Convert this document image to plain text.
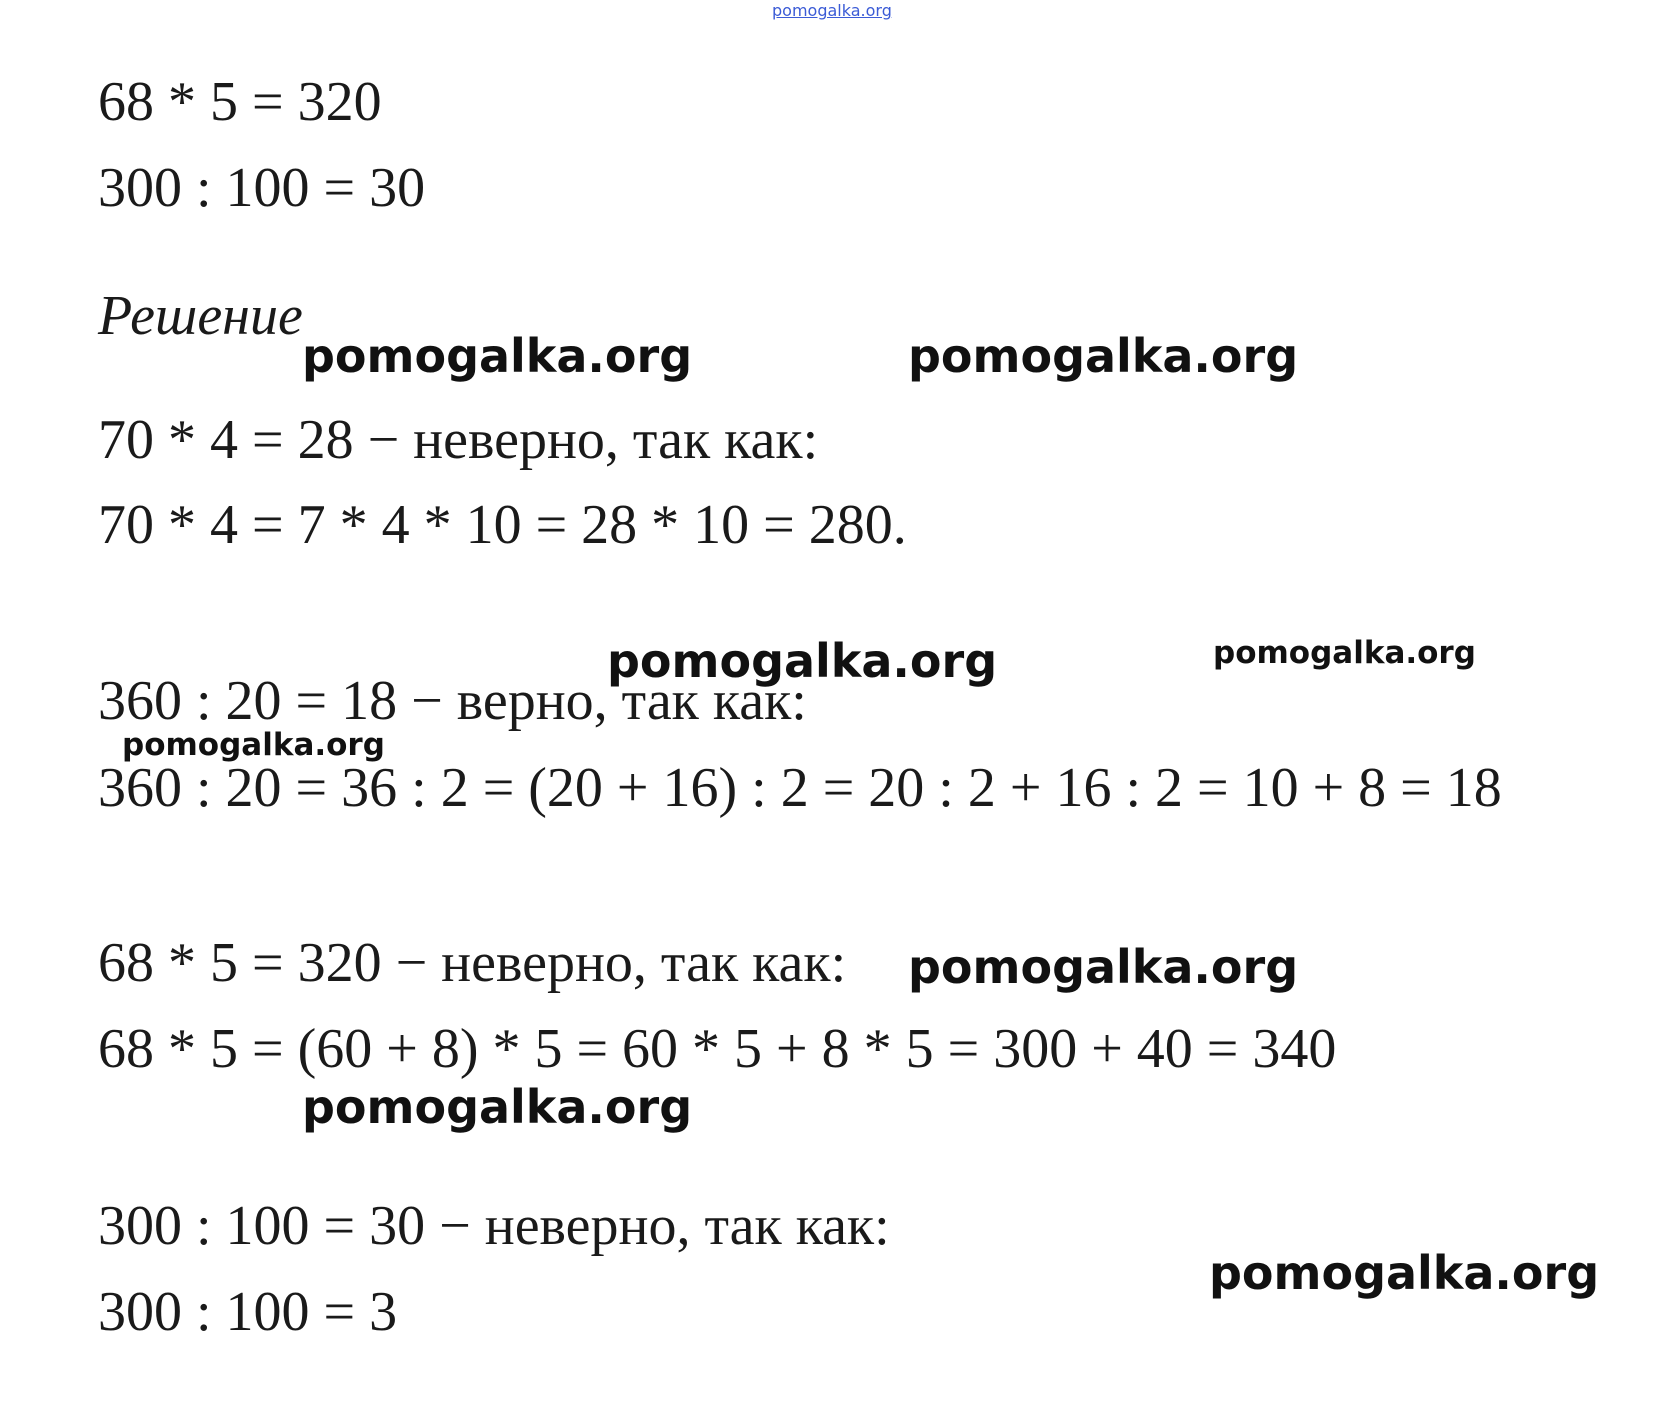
pomogalka.org
68 * 5 = 320
300 : 100 = 30
Решение
70 * 4 = 28 − неверно, так как:
70 * 4 = 7 * 4 * 10 = 28 * 10 = 280.
360 : 20 = 18 − верно, так как:
360 : 20 = 36 : 2 = (20 + 16) : 2 = 20 : 2 + 16 : 2 = 10 + 8 = 18
68 * 5 = 320 − неверно, так как:
68 * 5 = (60 + 8) * 5 = 60 * 5 + 8 * 5 = 300 + 40 = 340
300 : 100 = 30 − неверно, так как:
300 : 100 = 3
pomogalka.org	pomogalka.org
pomogalka.org	pomogalka.org
pomogalka.org
pomogalka.org
pomogalka.org
pomogalka.org
